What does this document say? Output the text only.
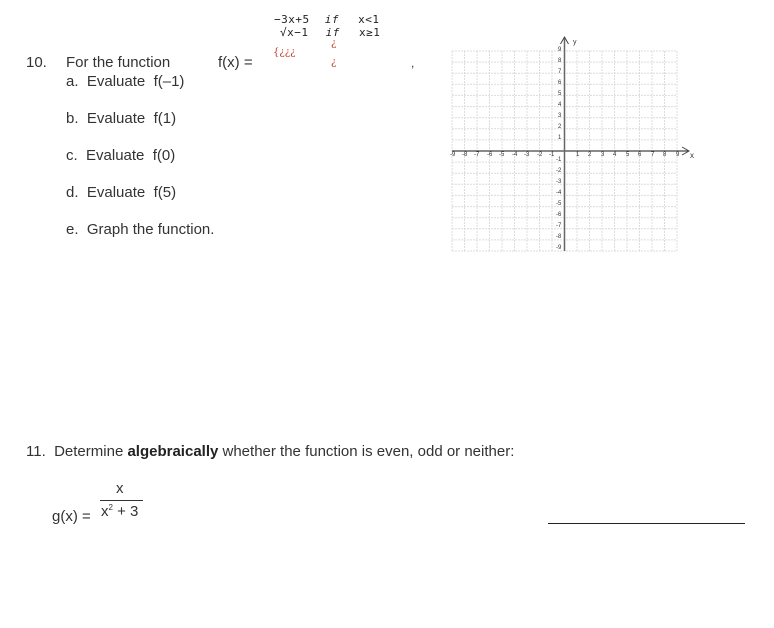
10. For the function	f(x) =
−3x+5 if x<1
√x−1 if x≥1
¿
{¿¿¿
¿	,
a. Evaluate  f(–1)
b. Evaluate  f(1)
c. Evaluate  f(0)
d. Evaluate  f(5)
e. Graph the function.
x
y
-9 -8 -7 -6 -5 -4 -3 -2 -1	1 2 3 4 5 6 7 8 9
9
8
7
6
5
4
3
2
1
-1
-2
-3
-4
-5
-6
-7
-8
-9
11. Determine algebraically whether the function is even, odd or neither:
g(x) =
x
$x^2 + 3$
